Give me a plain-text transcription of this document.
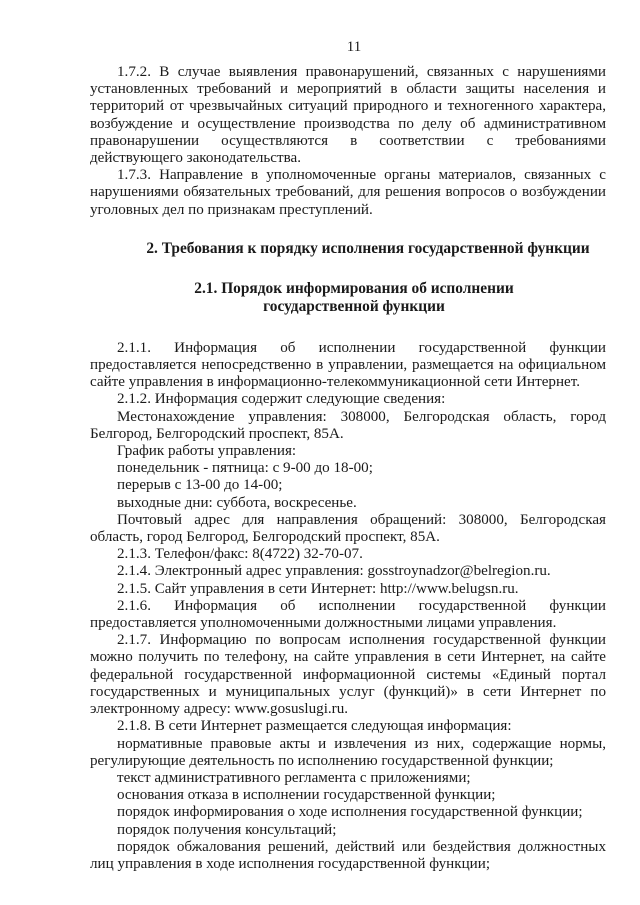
11

1.7.2. В случае выявления правонарушений, связанных с нарушениями установленных требований и мероприятий в области защиты населения и территорий от чрезвычайных ситуаций природного и техногенного характера, возбуждение и осуществление производства по делу об административном правонарушении осуществляются в соответствии с требованиями действующего законодательства.

1.7.3. Направление в уполномоченные органы материалов, связанных с нарушениями обязательных требований, для решения вопросов о возбуждении уголовных дел по признакам преступлений.

2. Требования к порядку исполнения государственной функции
2.1. Порядок информирования об исполнении
государственной функции

2.1.1. Информация об исполнении государственной функции предоставляется непосредственно в управлении, размещается на официальном сайте управления в информационно-телекоммуникационной сети Интернет.

2.1.2. Информация содержит следующие сведения:

Местонахождение управления: 308000, Белгородская область, город Белгород, Белгородский проспект, 85А.

График работы управления:

понедельник - пятница: с 9-00 до 18-00;

перерыв с 13-00 до 14-00;

выходные дни: суббота, воскресенье.

Почтовый адрес для направления обращений: 308000, Белгородская область, город Белгород, Белгородский проспект, 85А.

2.1.3. Телефон/факс: 8(4722) 32-70-07.

2.1.4. Электронный адрес управления: gosstroynadzor@belregion.ru.

2.1.5. Сайт управления в сети Интернет: http://www.belugsn.ru.

2.1.6. Информация об исполнении государственной функции предоставляется уполномоченными должностными лицами управления.

2.1.7. Информацию по вопросам исполнения государственной функции можно получить по телефону, на сайте управления в сети Интернет, на сайте федеральной государственной информационной системы «Единый портал государственных и муниципальных услуг (функций)» в сети Интернет по электронному адресу: www.gosuslugi.ru.

2.1.8. В сети Интернет размещается следующая информация:

нормативные правовые акты и извлечения из них, содержащие нормы, регулирующие деятельность по исполнению государственной функции;

текст административного регламента с приложениями;

основания отказа в исполнении государственной функции;

порядок информирования о ходе исполнения государственной функции;

порядок получения консультаций;

порядок обжалования решений, действий или бездействия должностных лиц управления в ходе исполнения государственной функции;
